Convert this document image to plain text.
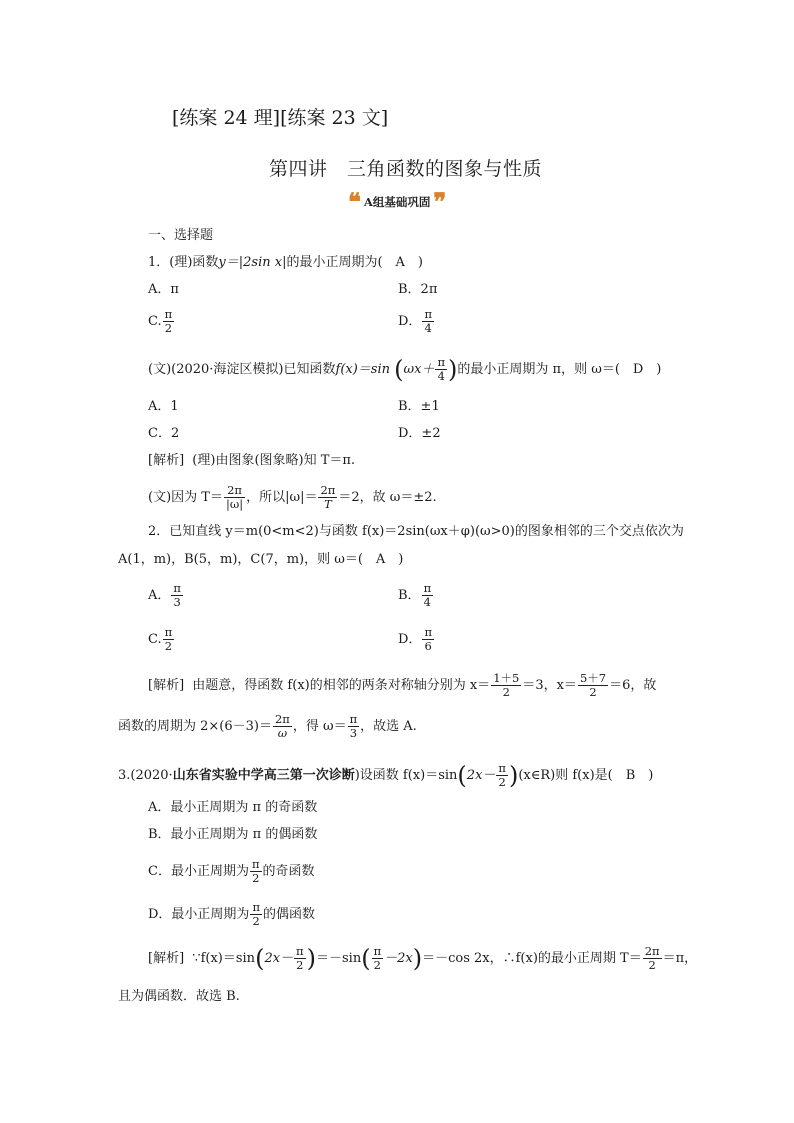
[练案 24 理][练案 23 文]
第四讲　三角函数的图象与性质
❝ A组基础巩固 ❞
一、选择题
1．(理)函数y＝|2sin x|的最小正周期为(　A　)
A．π	B．2π
C. $\frac{\pi}{2}$	D． $\frac{\pi}{4}$
(文)(2020·海淀区模拟)已知函数f(x)＝sin ($\omega x+ \frac{\pi}{4}$ )的最小正周期为 π，则 ω＝(　D　)
A．1	B．±1
C．2	D．±2
[解析] (理)由图象(图象略)知 T＝π.
(文)因为 $T= \frac{2\pi}{|\omega|}$ ，所以$|\omega|= \frac{2\pi}{T} =2$，故 ω＝±2.
2．已知直线 y＝m(0<m<2)与函数 f(x)＝2sin(ωx＋φ)(ω>0)的图象相邻的三个交点依次为
A(1，m)，B(5，m)，C(7，m)，则 ω＝(　A　)
A． $\frac{\pi}{3}$	B． $\frac{\pi}{4}$
C. $\frac{\pi}{2}$	D． $\frac{\pi}{6}$
[解析] 由题意，得函数 f(x)的相邻的两条对称轴分别为 $x= \frac{1+5}{2} =3$，$x= \frac{5+7}{2} =6$，故
函数的周期为 $2\times(6-3)= \frac{2\pi}{\omega}$ ，得 $\omega= \frac{\pi}{3}$ ，故选 A.
3.(2020·山东省实验中学高三第一次诊断)设函数 $f(x)=\sin(2x- \frac{\pi}{2}$ )(x∈R)则 f(x)是(　B　)
A．最小正周期为 π 的奇函数
B．最小正周期为 π 的偶函数
C．最小正周期为 $\frac{\pi}{2}$ 的奇函数
D．最小正周期为 $\frac{\pi}{2}$ 的偶函数
[解析] ∵f(x)＝sin(2x－ $\frac{\pi}{2} )=-\sin( \frac{\pi}{2} -2x)=-\cos$ 2x，∴f(x)的最小正周期 $T= \frac{2\pi}{2} =\pi$，
且为偶函数．故选 B.
